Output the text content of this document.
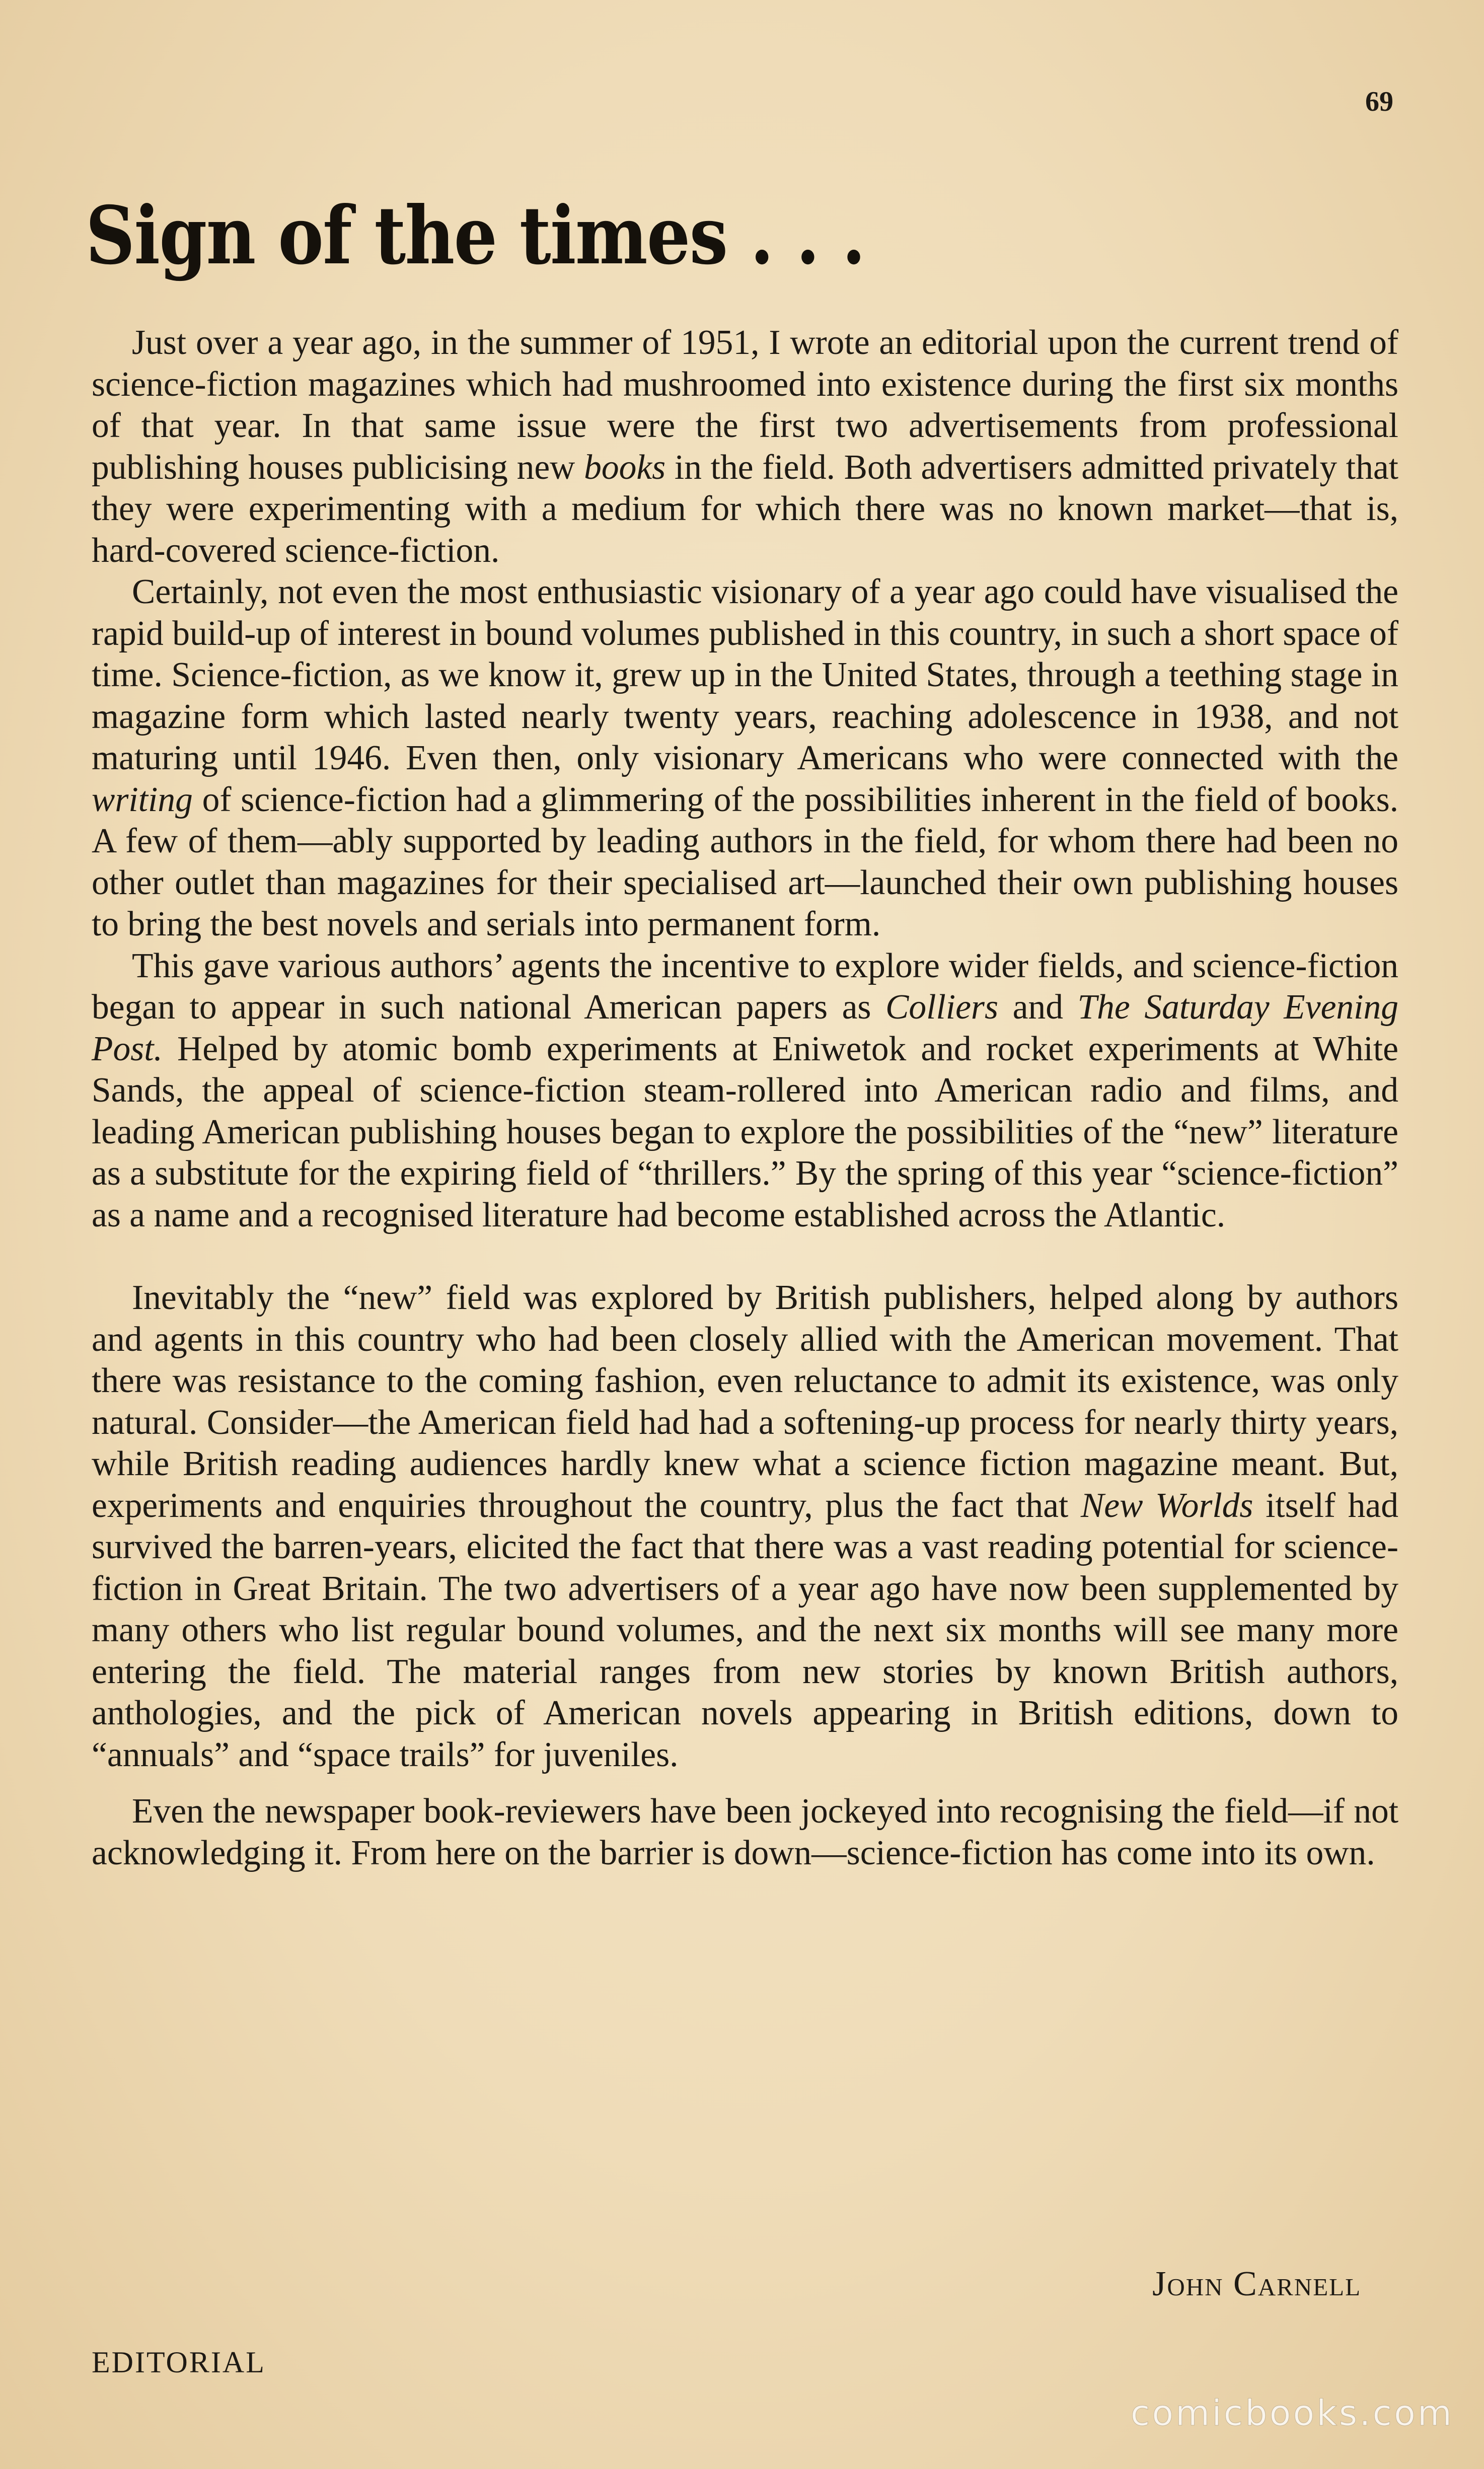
69
Sign of the times . . .

Just over a year ago, in the summer of 1951, I wrote an editorial upon the current trend of science-fiction magazines which had mushroomed into existence during the first six months of that year. In that same issue were the first two advertisements from professional publishing houses publicising new books in the field. Both advertisers admitted privately that they were experimenting with a medium for which there was no known market—that is, hard-covered science-fiction.

Certainly, not even the most enthusiastic visionary of a year ago could have visualised the rapid build-up of interest in bound volumes published in this country, in such a short space of time. Science-fiction, as we know it, grew up in the United States, through a teething stage in magazine form which lasted nearly twenty years, reaching adolescence in 1938, and not maturing until 1946. Even then, only visionary Americans who were connected with the writing of science-fiction had a glimmering of the possibilities inherent in the field of books. A few of them—ably supported by leading authors in the field, for whom there had been no other outlet than magazines for their specialised art—launched their own publishing houses to bring the best novels and serials into permanent form.

This gave various authors’ agents the incentive to explore wider fields, and science-fiction began to appear in such national American papers as Colliers and The Saturday Evening Post. Helped by atomic bomb experiments at Eniwetok and rocket experiments at White Sands, the appeal of science-fiction steam-rollered into American radio and films, and leading American publishing houses began to explore the possibilities of the “new” literature as a substitute for the expiring field of “thrillers.” By the spring of this year “science-fiction” as a name and a recognised literature had become established across the Atlantic.

Inevitably the “new” field was explored by British publishers, helped along by authors and agents in this country who had been closely allied with the American movement. That there was resistance to the coming fashion, even reluctance to admit its existence, was only natural. Consider—the American field had had a softening-up process for nearly thirty years, while British reading audiences hardly knew what a science fiction magazine meant. But, experiments and enquiries throughout the country, plus the fact that New Worlds itself had survived the barren-years, elicited the fact that there was a vast reading potential for science-fiction in Great Britain. The two advertisers of a year ago have now been supplemented by many others who list regular bound volumes, and the next six months will see many more entering the field. The material ranges from new stories by known British authors, anthologies, and the pick of American novels appearing in British editions, down to “annuals” and “space trails” for juveniles.

Even the newspaper book-reviewers have been jockeyed into recognising the field—if not acknowledging it. From here on the barrier is down—science-fiction has come into its own.

John Carnell
EDITORIAL
comicbooks.com
